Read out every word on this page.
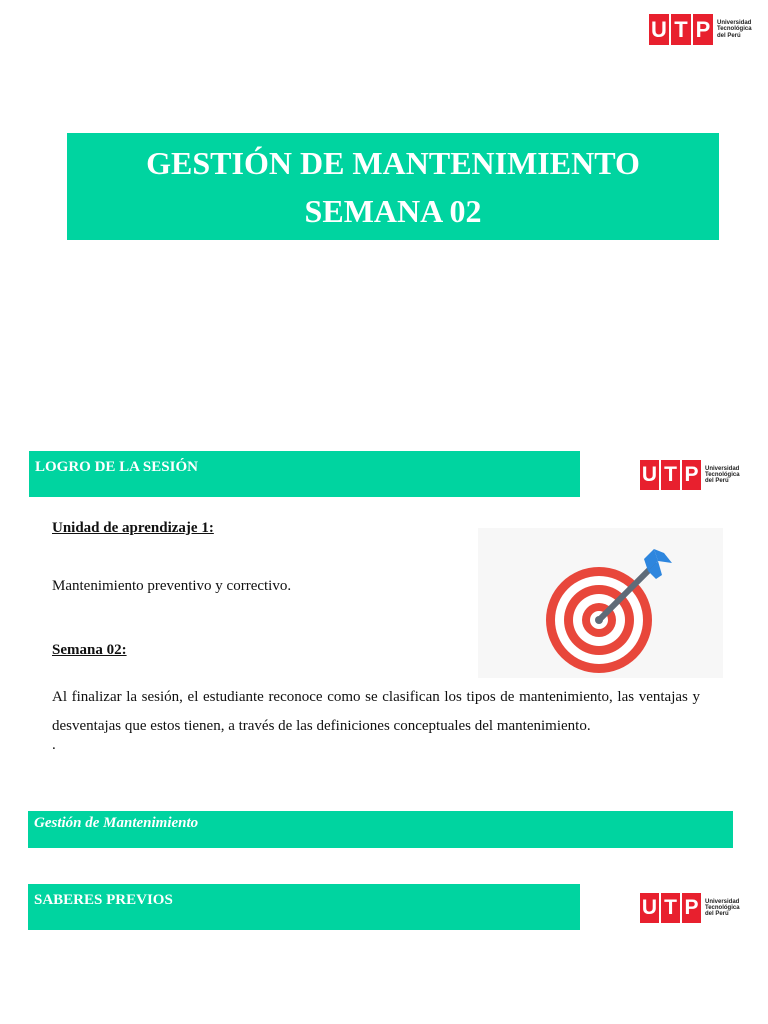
U T P	Universidad
Tecnológica
del Perú
GESTIÓN DE MANTENIMIENTO
SEMANA 02
LOGRO DE LA SESIÓN	U T P	Universidad
Tecnológica
del Perú
Unidad de aprendizaje 1:
Mantenimiento preventivo y correctivo.
Semana 02:
Al finalizar la sesión, el estudiante reconoce como se clasifican los tipos de mantenimiento, las ventajas y desventajas que estos tienen, a través de las definiciones conceptuales del mantenimiento.
.
Gestión de Mantenimiento
SABERES PREVIOS	U T P	Universidad
Tecnológica
del Perú
